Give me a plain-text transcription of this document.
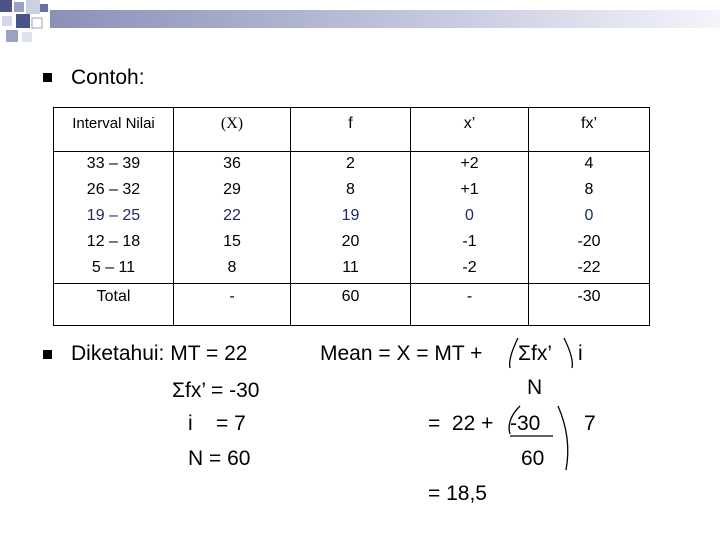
Contoh:
Interval Nilai	(X)	f	x’	fx’
33 – 39	36	2	+2	4
26 – 32	29	8	+1	8
19 – 25	22	19	0	0
12 – 18	15	20	-1	-20
5 – 11	8	11	-2	-22
Total	-	60	-	-30
Diketahui: MT = 22
Σfx’ = -30
i    = 7
N = 60
Mean = X = MT + Σfx’ i
N
=  22 + -30 7
60
= 18,5
